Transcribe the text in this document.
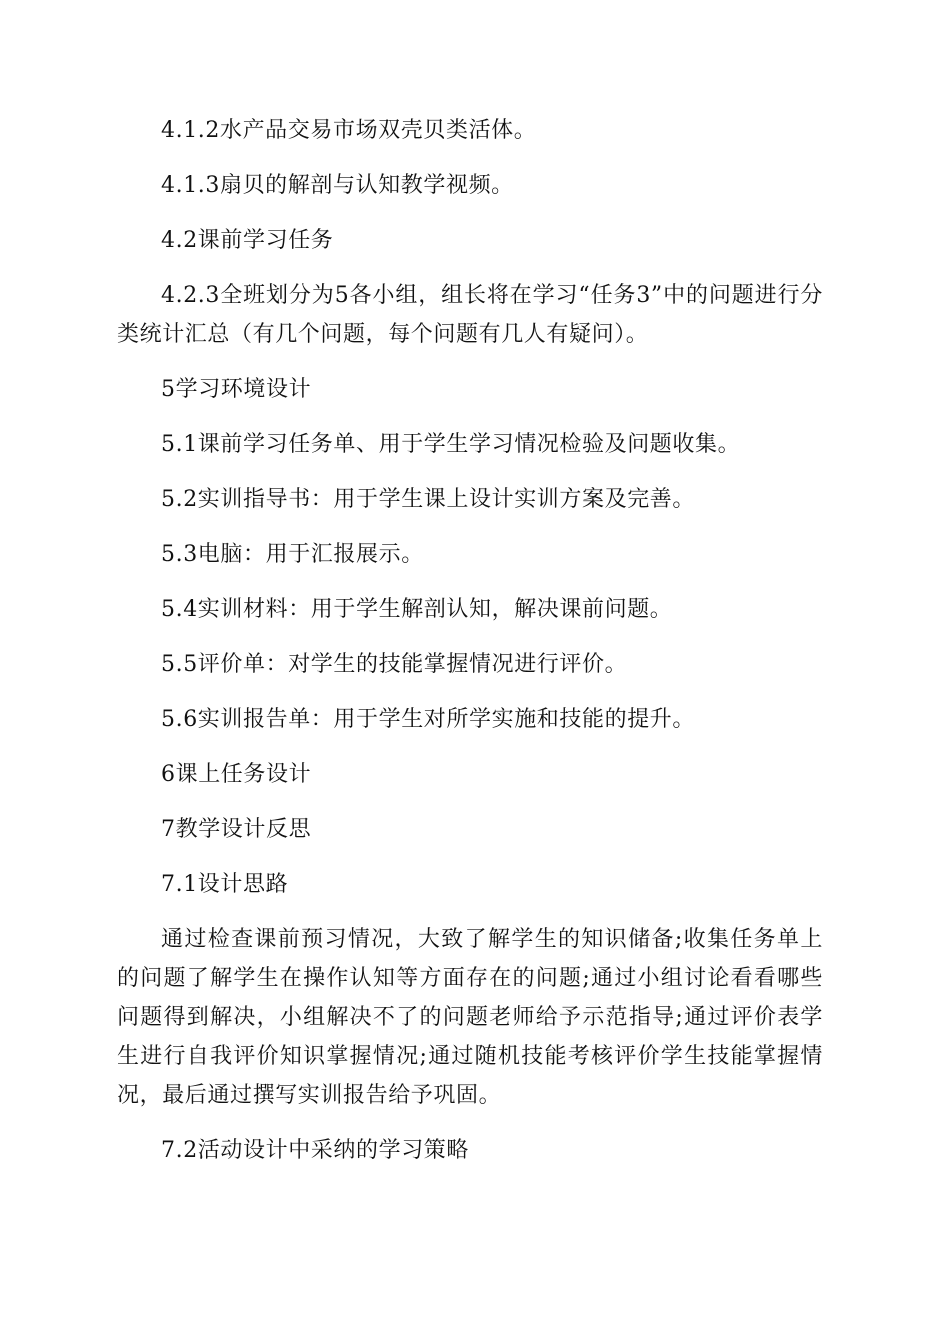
4.1.2水产品交易市场双壳贝类活体。

4.1.3扇贝的解剖与认知教学视频。

4.2课前学习任务

4.2.3全班划分为5各小组，组长将在学习“任务3”中的问题进行分类统计汇总（有几个问题，每个问题有几人有疑问）。

5学习环境设计

5.1课前学习任务单、用于学生学习情况检验及问题收集。

5.2实训指导书：用于学生课上设计实训方案及完善。

5.3电脑：用于汇报展示。

5.4实训材料：用于学生解剖认知，解决课前问题。

5.5评价单：对学生的技能掌握情况进行评价。

5.6实训报告单：用于学生对所学实施和技能的提升。

6课上任务设计

7教学设计反思

7.1设计思路

通过检查课前预习情况，大致了解学生的知识储备;收集任务单上的问题了解学生在操作认知等方面存在的问题;通过小组讨论看看哪些问题得到解决，小组解决不了的问题老师给予示范指导;通过评价表学生进行自我评价知识掌握情况;通过随机技能考核评价学生技能掌握情况，最后通过撰写实训报告给予巩固。

7.2活动设计中采纳的学习策略
